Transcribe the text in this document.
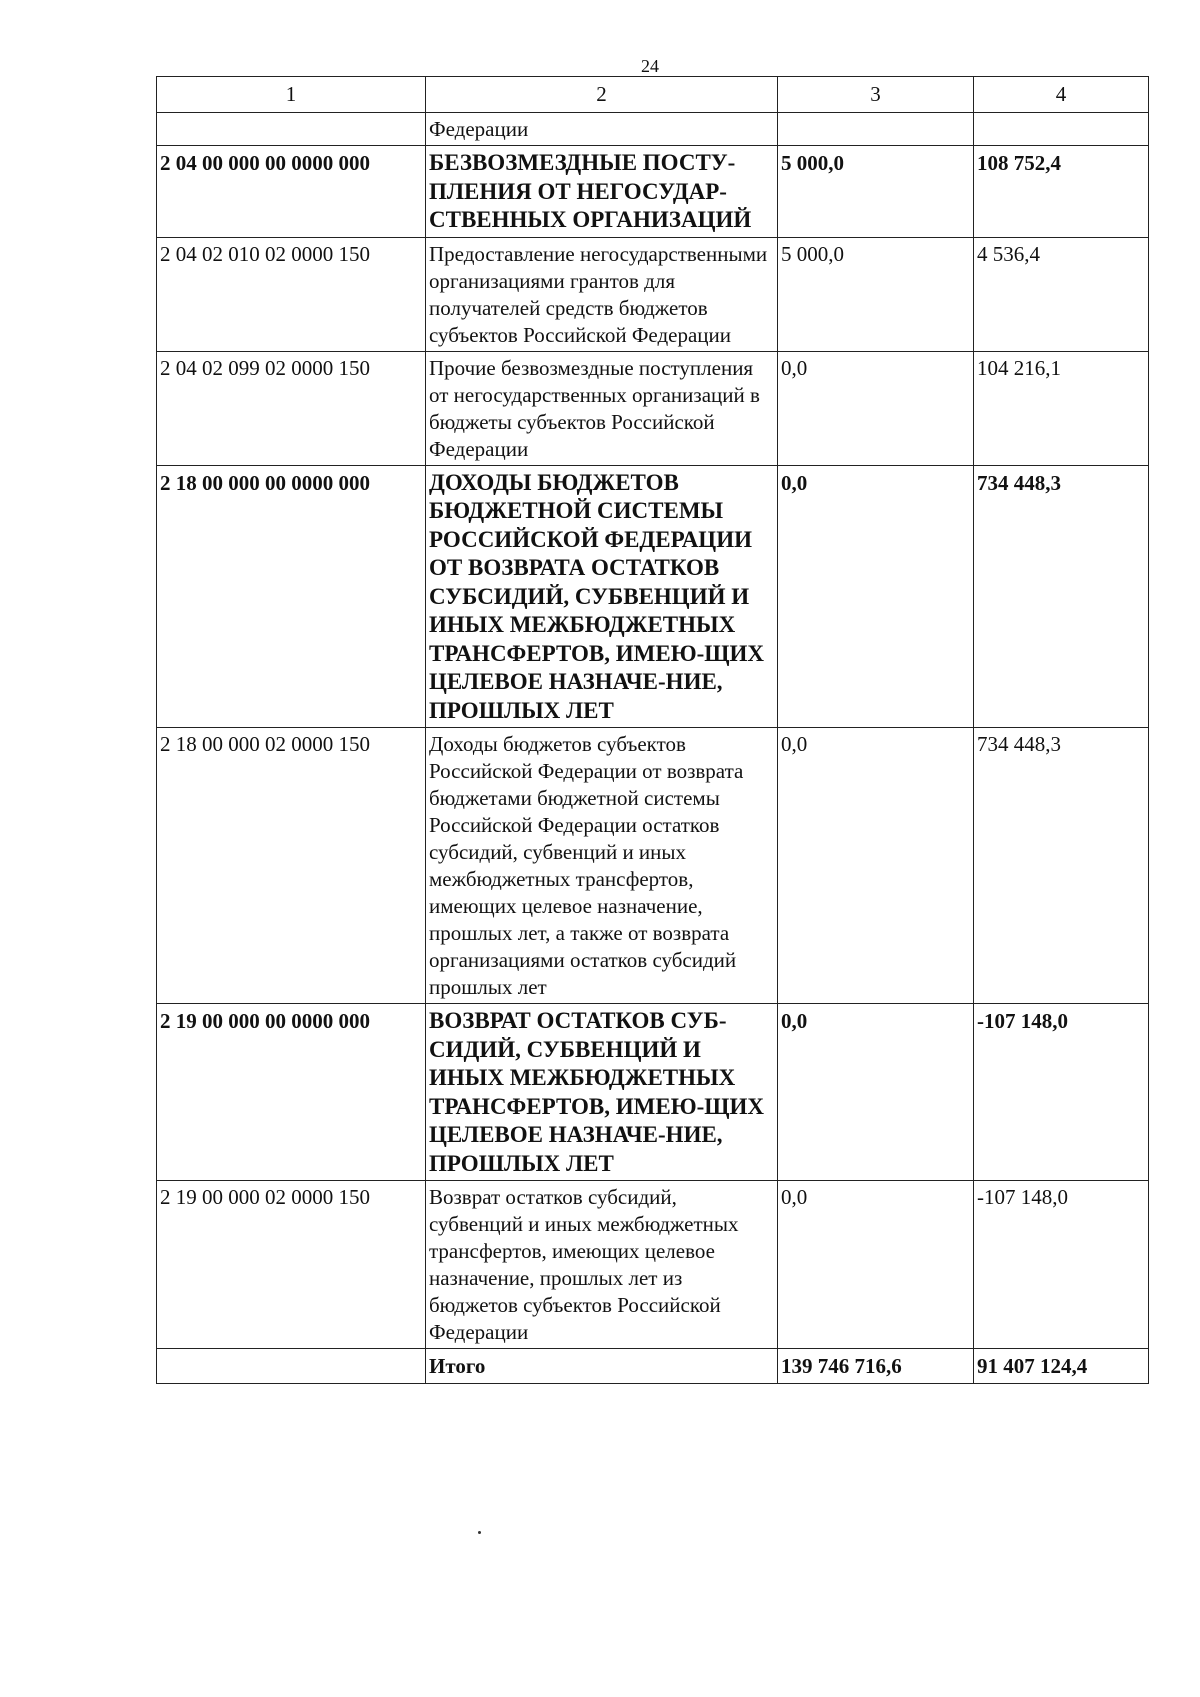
24
1	2	3	4
	Федерации		
2 04 00 000 00 0000 000	БЕЗВОЗМЕЗДНЫЕ ПОСТУ-ПЛЕНИЯ ОТ НЕГОСУДАР-СТВЕННЫХ ОРГАНИЗАЦИЙ	5 000,0	108 752,4
2 04 02 010 02 0000 150	Предоставление негосударственными организациями грантов для получателей средств бюджетов субъектов Российской Федерации	5 000,0	4 536,4
2 04 02 099 02 0000 150	Прочие безвозмездные поступления от негосударственных организаций в бюджеты субъектов Российской Федерации	0,0	104 216,1
2 18 00 000 00 0000 000	ДОХОДЫ БЮДЖЕТОВ БЮДЖЕТНОЙ СИСТЕМЫ РОССИЙСКОЙ ФЕДЕРАЦИИ ОТ ВОЗВРАТА ОСТАТКОВ СУБСИДИЙ, СУБВЕНЦИЙ И ИНЫХ МЕЖБЮДЖЕТНЫХ ТРАНСФЕРТОВ, ИМЕЮ-ЩИХ ЦЕЛЕВОЕ НАЗНАЧЕ-НИЕ, ПРОШЛЫХ ЛЕТ	0,0	734 448,3
2 18 00 000 02 0000 150	Доходы бюджетов субъектов Российской Федерации от возврата бюджетами бюджетной системы Российской Федерации остатков субсидий, субвенций и иных межбюджетных трансфертов, имеющих целевое назначение, прошлых лет, а также от возврата организациями остатков субсидий прошлых лет	0,0	734 448,3
2 19 00 000 00 0000 000	ВОЗВРАТ ОСТАТКОВ СУБ-СИДИЙ, СУБВЕНЦИЙ И ИНЫХ МЕЖБЮДЖЕТНЫХ ТРАНСФЕРТОВ, ИМЕЮ-ЩИХ ЦЕЛЕВОЕ НАЗНАЧЕ-НИЕ, ПРОШЛЫХ ЛЕТ	0,0	-107 148,0
2 19 00 000 02 0000 150	Возврат остатков субсидий, субвенций и иных межбюджетных трансфертов, имеющих целевое назначение, прошлых лет из бюджетов субъектов Российской Федерации	0,0	-107 148,0
	Итого	139 746 716,6	91 407 124,4
